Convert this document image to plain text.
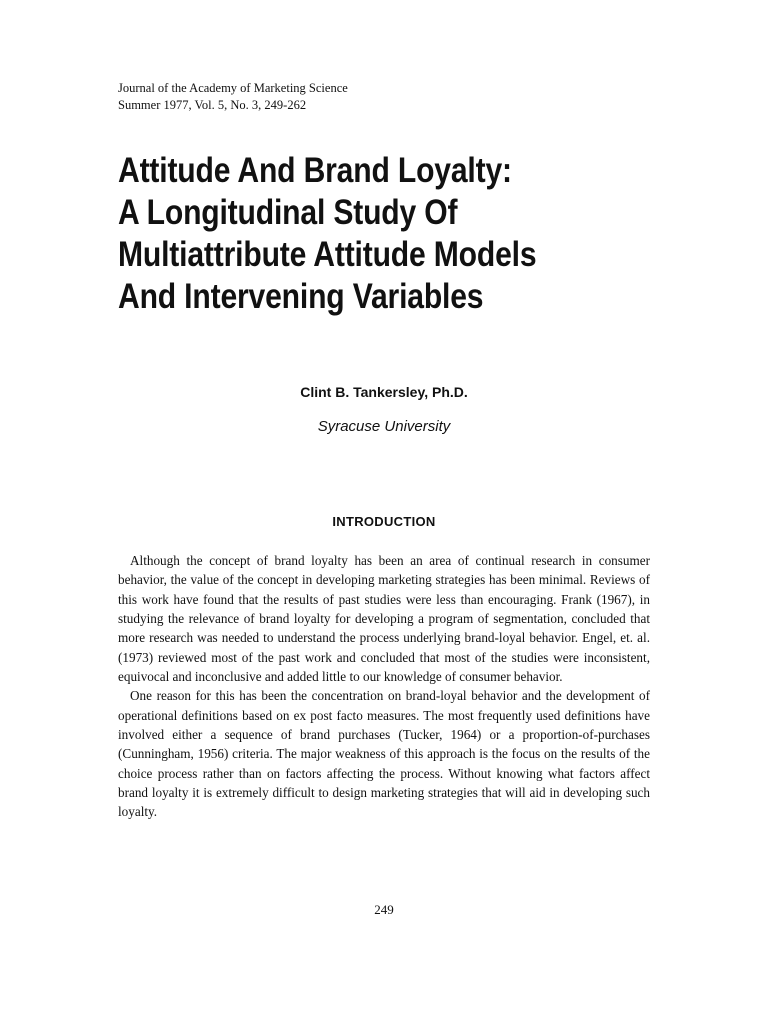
Journal of the Academy of Marketing Science
Summer 1977, Vol. 5, No. 3, 249-262
Attitude And Brand Loyalty:
A Longitudinal Study Of
Multiattribute Attitude Models
And Intervening Variables
Clint B. Tankersley, Ph.D.
Syracuse University
INTRODUCTION

Although the concept of brand loyalty has been an area of continual research in consumer behavior, the value of the concept in developing marketing strategies has been minimal. Reviews of this work have found that the results of past studies were less than encouraging. Frank (1967), in studying the relevance of brand loyalty for developing a program of segmentation, concluded that more research was needed to understand the process underlying brand-loyal behavior. Engel, et. al. (1973) reviewed most of the past work and concluded that most of the studies were inconsistent, equivocal and inconclusive and added little to our knowledge of consumer behavior.

One reason for this has been the concentration on brand-loyal behavior and the development of operational definitions based on ex post facto measures. The most frequently used definitions have involved either a sequence of brand purchases (Tucker, 1964) or a proportion-of-purchases (Cunningham, 1956) criteria. The major weakness of this approach is the focus on the results of the choice process rather than on factors affecting the process. Without knowing what factors affect brand loyalty it is extremely difficult to design marketing strategies that will aid in developing such loyalty.

249
